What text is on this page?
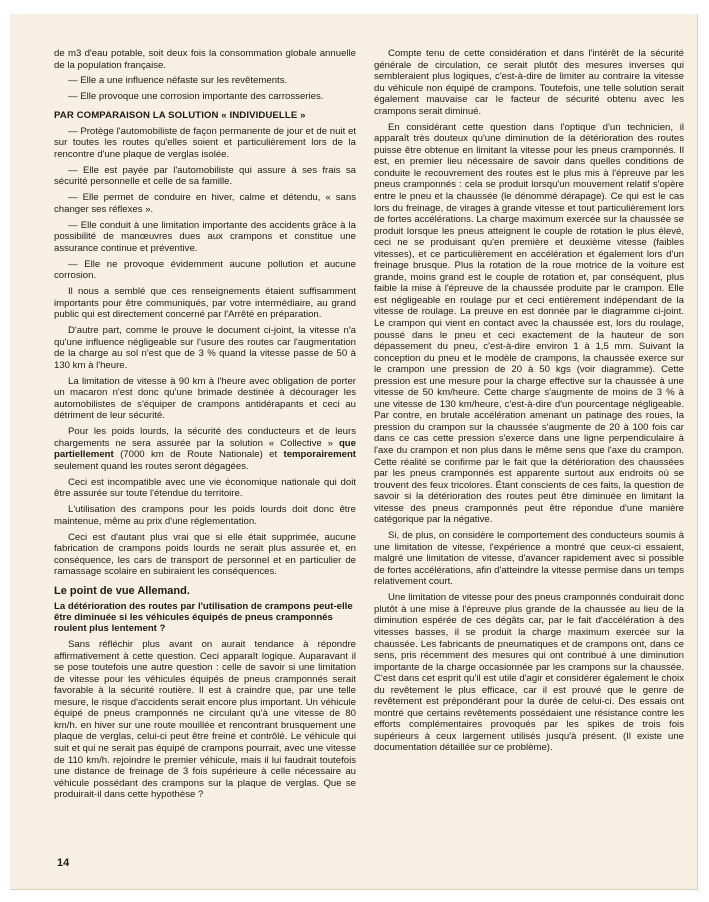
de m3 d'eau potable, soit deux fois la consommation globale annuelle de la population française.

— Elle a une influence néfaste sur les revêtements.

— Elle provoque une corrosion importante des carrosseries.

PAR COMPARAISON LA SOLUTION « INDIVIDUELLE »

— Protège l'automobiliste de façon permanente de jour et de nuit et sur toutes les routes qu'elles soient et particulièrement lors de la rencontre d'une plaque de verglas isolée.

— Elle est payée par l'automobiliste qui assure à ses frais sa sécurité personnelle et celle de sa famille.

— Elle permet de conduire en hiver, calme et détendu, « sans changer ses réflexes ».

— Elle conduit à une limitation importante des accidents grâce à la possibilité de manœuvres dues aux crampons et constitue une assurance continue et préventive.

— Elle ne provoque évidemment aucune pollution et aucune corrosion.

Il nous a semblé que ces renseignements étaient suffisamment importants pour être communiqués, par votre intermédiaire, au grand public qui est directement concerné par l'Arrêté en préparation.

D'autre part, comme le prouve le document ci-joint, la vitesse n'a qu'une influence négligeable sur l'usure des routes car l'augmentation de la charge au sol n'est que de 3 % quand la vitesse passe de 50 à 130 km à l'heure.

La limitation de vitesse à 90 km à l'heure avec obligation de porter un macaron n'est donc qu'une brimade destinée à décourager les automobilistes de s'équiper de crampons antidérapants et ceci au détriment de leur sécurité.

Pour les poids lourds, la sécurité des conducteurs et de leurs chargements ne sera assurée par la solution « Collective » que partiellement (7000 km de Route Nationale) et temporairement seulement quand les routes seront dégagées.

Ceci est incompatible avec une vie économique nationale qui doit être assurée sur toute l'étendue du territoire.

L'utilisation des crampons pour les poids lourds doit donc être maintenue, même au prix d'une réglementation.

Ceci est d'autant plus vrai que si elle était supprimée, aucune fabrication de crampons poids lourds ne serait plus assurée et, en conséquence, les cars de transport de personnel et en particulier de ramassage scolaire en subiraient les conséquences.

Le point de vue Allemand.
La détérioration des routes par l'utilisation de crampons peut-elle être diminuée si les véhicules équipés de pneus cramponnés roulent plus lentement ?

Sans réfléchir plus avant on aurait tendance à répondre affirmativement à cette question. Ceci apparaît logique. Auparavant il se pose toutefois une autre question : celle de savoir si une limitation de vitesse pour les véhicules équipés de pneus cramponnés serait favorable à la sécurité routière. Il est à craindre que, par une telle mesure, le risque d'accidents serait encore plus important. Un véhicule équipé de pneus cramponnés ne circulant qu'à une vitesse de 80 km/h. en hiver sur une route mouillée et rencontrant brusquement une plaque de verglas, celui-ci peut être freiné et contrôlé. Le véhicule qui suit et qui ne serait pas équipé de crampons pourrait, avec une vitesse de 110 km/h. rejoindre le premier véhicule, mais il lui faudrait toutefois une distance de freinage de 3 fois supérieure à celle nécessaire au véhicule possédant des crampons sur la plaque de verglas. Que se produirait-il dans cette hypothèse ?

Compte tenu de cette considération et dans l'intérêt de la sécurité générale de circulation, ce serait plutôt des mesures inverses qui sembleraient plus logiques, c'est-à-dire de limiter au contraire la vitesse du véhicule non équipé de crampons. Toutefois, une telle solution serait également mauvaise car le facteur de sécurité obtenu avec les crampons serait diminué.

En considérant cette question dans l'optique d'un technicien, il apparaît très douteux qu'une diminution de la détérioration des routes puisse être obtenue en limitant la vitesse pour les pneus cramponnés. Il est, en premier lieu nécessaire de savoir dans quelles conditions de conduite le recouvrement des routes est le plus mis à l'épreuve par les pneus cramponnés : cela se produit lorsqu'un mouvement relatif s'opère entre le pneu et la chaussée (le dénommé dérapage). Ce qui est le cas lors du freinage, de virages à grande vitesse et tout particulièrement lors de fortes accélérations. La charge maximum exercée sur la chaussée se produit lorsque les pneus atteignent le couple de rotation le plus élevé, ceci ne se produisant qu'en première et deuxième vitesse (faibles vitesses), et ce particulièrement en accélération et également lors d'un freinage brusque. Plus la rotation de la roue motrice de la voiture est grande, moins grand est le couple de rotation et, par conséquent, plus faible la mise à l'épreuve de la chaussée produite par le crampon. Elle est négligeable en roulage pur et ceci entièrement indépendant de la vitesse de roulage. La preuve en est donnée par le diagramme ci-joint. Le crampon qui vient en contact avec la chaussée est, lors du roulage, poussé dans le pneu et ceci exactement de la hauteur de son dépassement du pneu, c'est-à-dire environ 1 à 1,5 mm. Suivant la conception du pneu et le modèle de crampons, la chaussée exerce sur le crampon une pression de 20 à 50 kgs (voir diagramme). Cette pression est une mesure pour la charge effective sur la chaussée à une vitesse de 50 km/heure. Cette charge s'augmente de moins de 3 % à une vitesse de 130 km/heure, c'est-à-dire d'un pourcentage négligeable. Par contre, en brutale accélération amenant un patinage des roues, la pression du crampon sur la chaussée s'augmente de 20 à 100 fois car dans ce cas cette pression s'exerce dans une ligne perpendiculaire à l'axe du crampon et non plus dans le même sens que l'axe du crampon. Cette réalité se confirme par le fait que la détérioration des chaussées par les pneus cramponnés est apparente surtout aux endroits où se trouvent des feux tricolores. Étant conscients de ces faits, la question de savoir si la détérioration des routes peut être diminuée en limitant la vitesse des pneus cramponnés peut être répondue d'une manière catégorique par la négative.

Si, de plus, on considère le comportement des conducteurs soumis à une limitation de vitesse, l'expérience a montré que ceux-ci essaient, malgré une limitation de vitesse, d'avancer rapidement avec si possible de fortes accélérations, afin d'atteindre la vitesse permise dans un temps relativement court.

Une limitation de vitesse pour des pneus cramponnés conduirait donc plutôt à une mise à l'épreuve plus grande de la chaussée au lieu de la diminution espérée de ces dégâts car, par le fait d'accélération à des vitesses basses, il se produit la charge maximum exercée sur la chaussée. Les fabricants de pneumatiques et de crampons ont, dans ce sens, pris récemment des mesures qui ont contribué à une diminution importante de la charge occasionnée par les crampons sur la chaussée. C'est dans cet esprit qu'il est utile d'agir et considérer également le choix du revêtement le plus efficace, car il est prouvé que le genre de revêtement est prépondérant pour la durée de celui-ci. Des essais ont montré que certains revêtements possédaient une résistance contre les efforts complémentaires provoqués par les spikes de trois fois supérieurs à ceux largement utilisés jusqu'à présent. (Il existe une documentation détaillée sur ce problème).

14
